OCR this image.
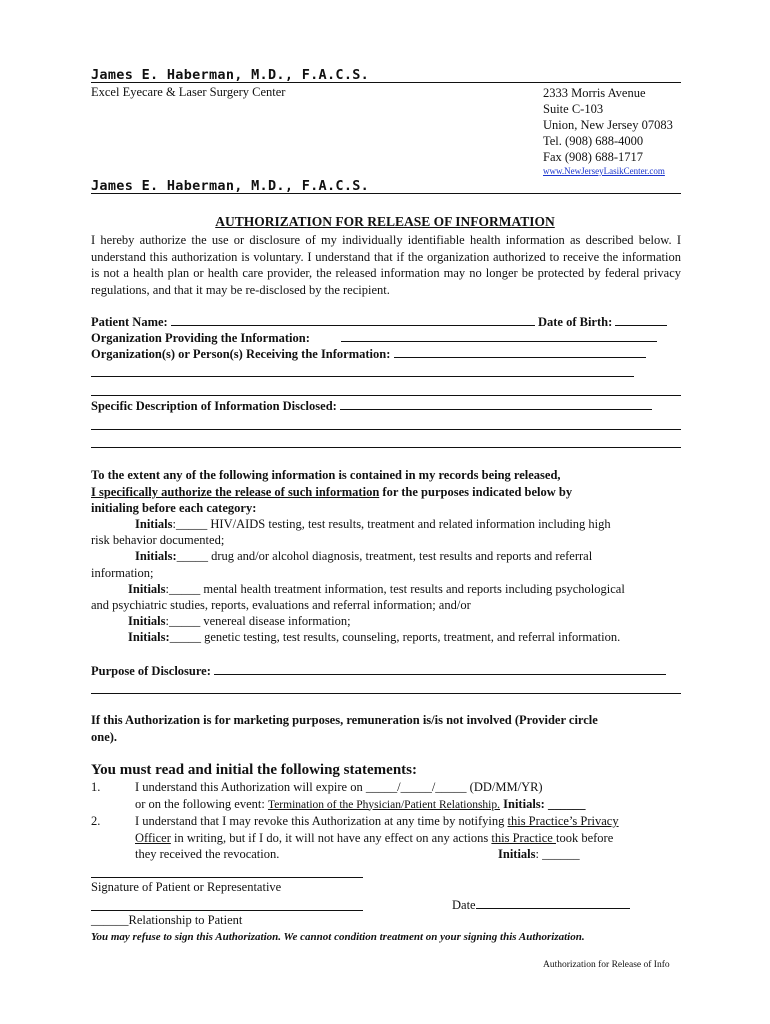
James E. Haberman, M.D., F.A.C.S.
Excel Eyecare & Laser Surgery Center	2333 Morris Avenue
Suite C-103
Union, New Jersey 07083
Tel. (908) 688-4000
Fax (908) 688-1717
www.NewJerseyLasikCenter.com
James E. Haberman, M.D., F.A.C.S.
AUTHORIZATION FOR RELEASE OF INFORMATION
I hereby authorize the use or disclosure of my individually identifiable health information as described below. I understand this authorization is voluntary. I understand that if the organization authorized to receive the information is not a health plan or health care provider, the released information may no longer be protected by federal privacy regulations, and that it may be re-disclosed by the recipient.
Patient Name:	Date of Birth:
Organization Providing the Information:
Organization(s) or Person(s) Receiving the Information:
Specific Description of Information Disclosed:
To the extent any of the following information is contained in my records being released,
I specifically authorize the release of such information for the purposes indicated below by
initialing before each category:
Initials:_____ HIV/AIDS testing, test results, treatment and related information including high
risk behavior documented;
Initials:_____ drug and/or alcohol diagnosis, treatment, test results and reports and referral
information;
Initials:_____ mental health treatment information, test results and reports including psychological
and psychiatric studies, reports, evaluations and referral information; and/or
Initials:_____ venereal disease information;
Initials:_____ genetic testing, test results, counseling, reports, treatment, and referral information.
Purpose of Disclosure:
If this Authorization is for marketing purposes, remuneration is/is not involved (Provider circle
one).
You must read and initial the following statements:
1.	I understand this Authorization will expire on _____/_____/_____ (DD/MM/YR)
or on the following event: Termination of the Physician/Patient Relationship. Initials: ______
2.	I understand that I may revoke this Authorization at any time by notifying this Practice’s Privacy
Officer in writing, but if I do, it will not have any effect on any actions this Practice took before
they received the revocation.	Initials: ______
Signature of Patient or Representative
Date
______Relationship to Patient
You may refuse to sign this Authorization. We cannot condition treatment on your signing this Authorization.
Authorization for Release of Info
